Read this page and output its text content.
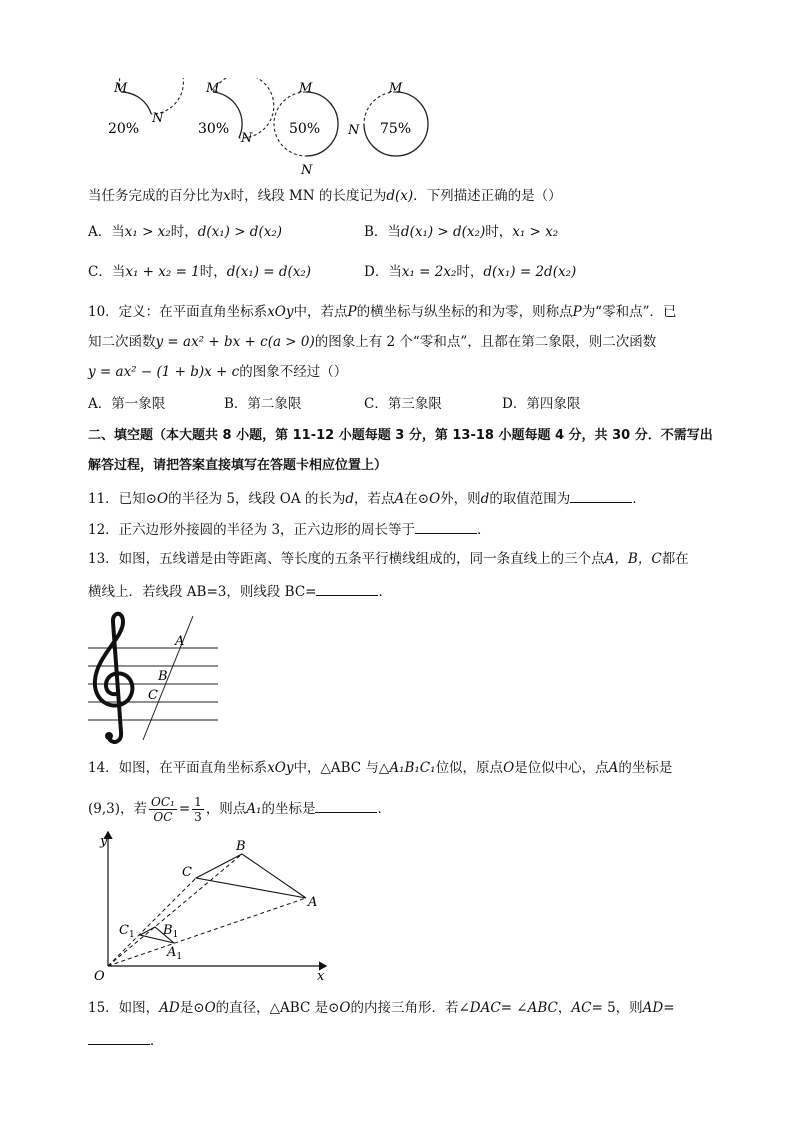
20%
M
N
30%
M
N
50%
M
N
75%
M
N
当任务完成的百分比为x时，线段 MN 的长度记为d(x)．下列描述正确的是（）
A．当x₁ > x₂时，d(x₁) > d(x₂)	B．当d(x₁) > d(x₂)时，x₁ > x₂
C．当x₁ + x₂ = 1时，d(x₁) = d(x₂)	D．当x₁ = 2x₂时，d(x₁) = 2d(x₂)
10．定义：在平面直角坐标系xOy中，若点P的横坐标与纵坐标的和为零，则称点P为“零和点”．已
知二次函数y = ax² + bx + c(a > 0)的图象上有 2 个“零和点”，且都在第二象限，则二次函数
y = ax² − (1 + b)x + c的图象不经过（）
A．第一象限	B．第二象限	C．第三象限	D．第四象限
二、填空题（本大题共 8 小题，第 11-12 小题每题 3 分，第 13-18 小题每题 4 分，共 30 分．不需写出
解答过程，请把答案直接填写在答题卡相应位置上）
11．已知⊙O的半径为 5，线段 OA 的长为d，若点A在⊙O外，则d的取值范围为	．
12．正六边形外接圆的半径为 3，正六边形的周长等于	．
13．如图，五线谱是由等距离、等长度的五条平行横线组成的，同一条直线上的三个点A，B，C都在
横线上．若线段 AB=3，则线段 BC=	．
A
B
C
14．如图，在平面直角坐标系xOy中，△ABC 与△A₁B₁C₁位似，原点O是位似中心，点A的坐标是
(9,3)，若 $\frac{\text{OC₁}}{OC} = \frac{1}{3}$ ，则点A₁的坐标是	．
y
x
O
B
C
A
$B_1$
$C_1$
$A_1$
15．如图，AD是⊙O的直径，△ABC 是⊙O的内接三角形．若∠DAC= ∠ABC，AC= 5，则AD=
．
